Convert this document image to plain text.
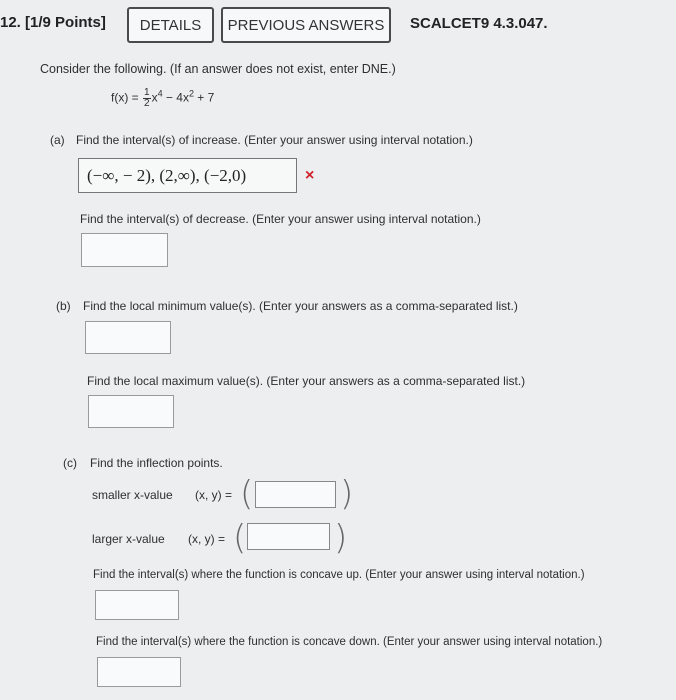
12. [1/9 Points]	DETAILS	PREVIOUS ANSWERS	SCALCET9 4.3.047.
Consider the following. (If an answer does not exist, enter DNE.)
$f(x) = \frac{1}{2} x^4 - 4x^2 + 7$
(a) Find the interval(s) of increase. (Enter your answer using interval notation.)
(−∞, − 2), (2,∞), (−2,0)	×
Find the interval(s) of decrease. (Enter your answer using interval notation.)
(b) Find the local minimum value(s). (Enter your answers as a comma-separated list.)
Find the local maximum value(s). (Enter your answers as a comma-separated list.)
(c) Find the inflection points.
smaller x-value (x, y) = (	)
larger x-value (x, y) = (	)
Find the interval(s) where the function is concave up. (Enter your answer using interval notation.)
Find the interval(s) where the function is concave down. (Enter your answer using interval notation.)
